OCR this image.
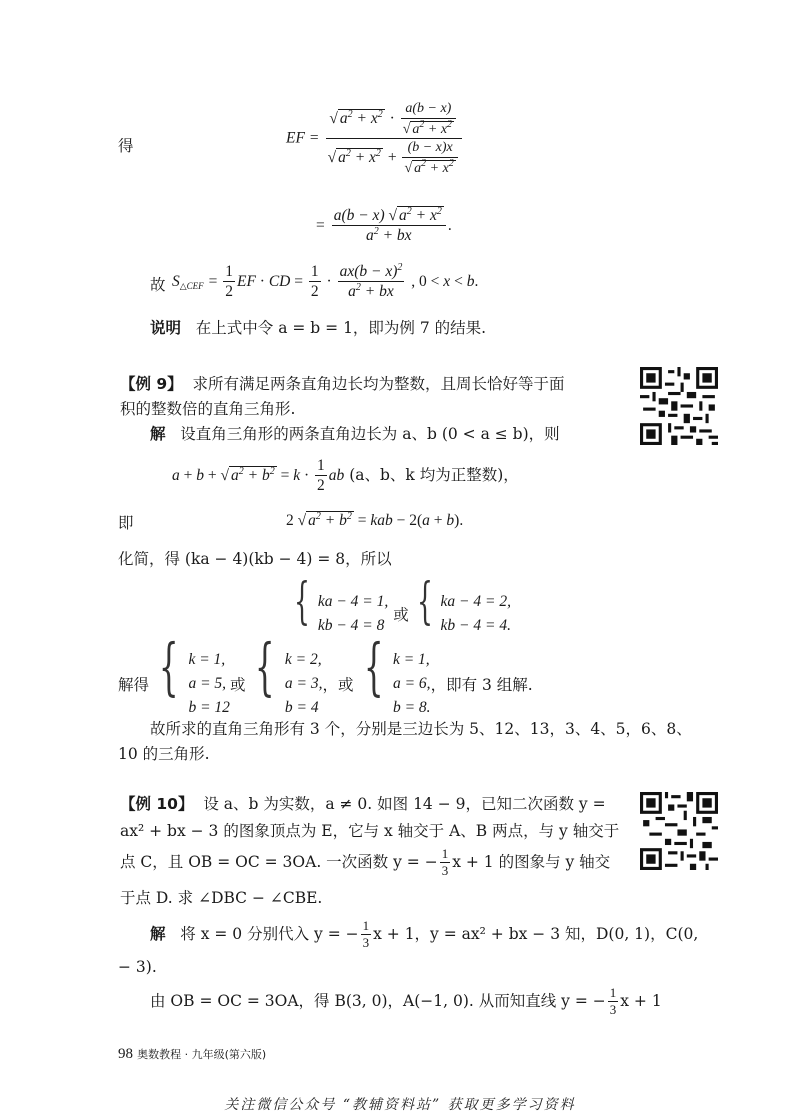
得	EF = $\frac{√ a^2 + x^2 \cdot \frac{a(b - x)}{√ a^2 + x^2}}{√ a^2 + x^2 + \frac{(b - x)x}{√ a^2 + x^2}}$
= $\frac{a(b - x) √ a^2 + x^2}{a^2 + bx}$ .
故 $S_{\triangle CEF} = \frac{1}{2}$ EF · CD = $\frac{1}{2} \cdot \frac{ax(b - x)^2}{a^2 + bx}$ , 0 < x < b.
说明 在上式中令 a = b = 1，即为例 7 的结果.
【例 9】 求所有满足两条直角边长均为整数，且周长恰好等于面
积的整数倍的直角三角形.
解 设直角三角形的两条直角边长为 a、b (0 < a ≤ b)，则
a + b + √ $a^2 + b^2 = k \cdot \frac{1}{2}$ ab (a、b、k 均为正整数)，
即	2 √ $a^2 + b^2$ = kab − 2(a + b).
化简，得 (ka − 4)(kb − 4) = 8，所以
{ ka − 4 = 1,
kb − 4 = 8
或 { ka − 4 = 2,
kb − 4 = 4.
解得 { k = 1,
a = 5,
b = 12
或 { k = 2,
a = 3,
b = 4
，或 { k = 1,
a = 6,
b = 8.
，即有 3 组解.
故所求的直角三角形有 3 个，分别是三边长为 5、12、13，3、4、5，6、8、
10 的三角形.
【例 10】 设 a、b 为实数，a ≠ 0. 如图 14 − 9，已知二次函数 y =
ax² + bx − 3 的图象顶点为 E，它与 x 轴交于 A、B 两点，与 y 轴交于
点 C，且 OB = OC = 3OA. 一次函数 y = − $\frac{1}{3}$ x + 1 的图象与 y 轴交
于点 D. 求 ∠DBC − ∠CBE.
解 将 x = 0 分别代入 y = − $\frac{1}{3}$ x + 1，y = ax² + bx − 3 知，D(0, 1)，C(0,
− 3).
由 OB = OC = 3OA，得 B(3, 0)，A(−1, 0). 从而知直线 y = − $\frac{1}{3}$ x + 1
98 奥数教程 · 九年级(第六版)
关注微信公众号 “教辅资料站” 获取更多学习资料
